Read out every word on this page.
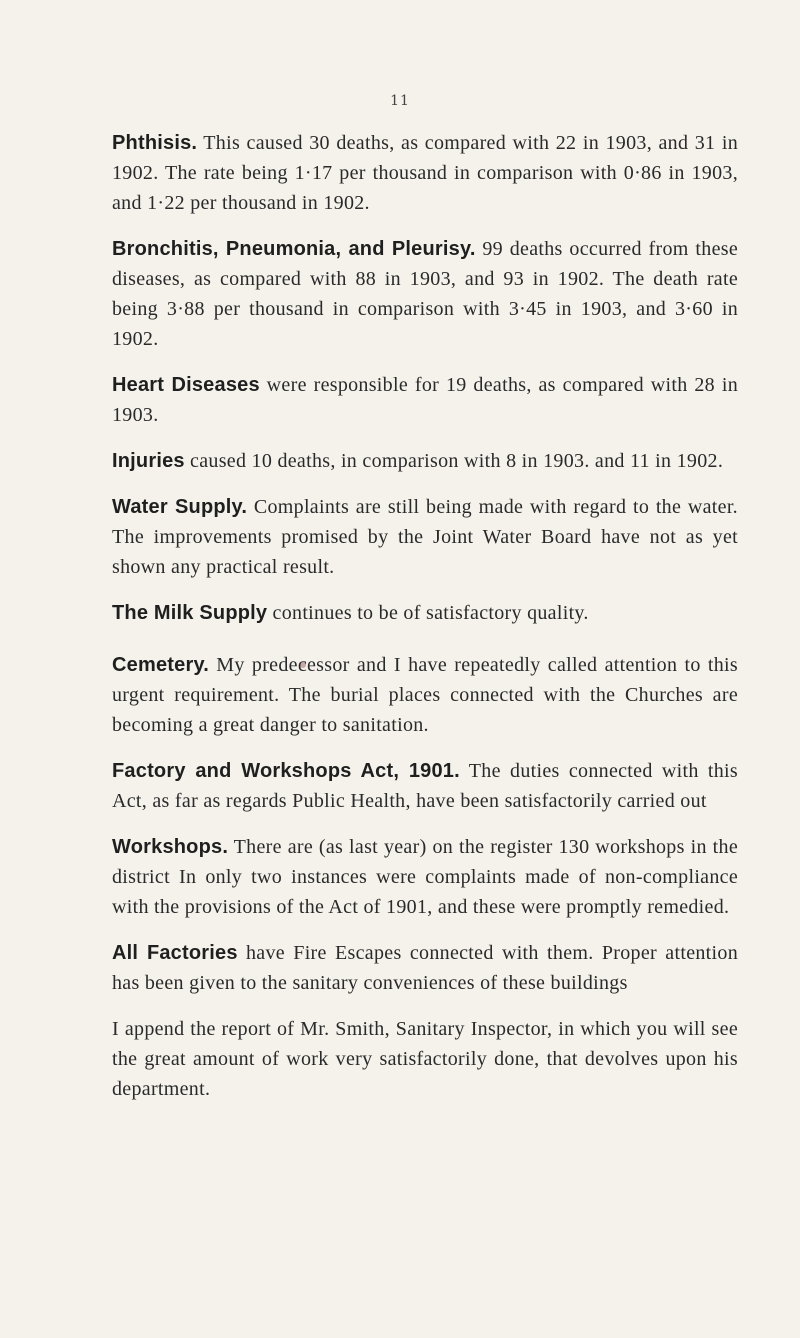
11

Phthisis. This caused 30 deaths, as compared with 22 in 1903, and 31 in 1902. The rate being 1·17 per thousand in comparison with 0·86 in 1903, and 1·22 per thousand in 1902.

Bronchitis, Pneumonia, and Pleurisy. 99 deaths occurred from these diseases, as compared with 88 in 1903, and 93 in 1902. The death rate being 3·88 per thousand in comparison with 3·45 in 1903, and 3·60 in 1902.

Heart Diseases were responsible for 19 deaths, as compared with 28 in 1903.

Injuries caused 10 deaths, in comparison with 8 in 1903. and 11 in 1902.

Water Supply. Complaints are still being made with regard to the water. The improvements promised by the Joint Water Board have not as yet shown any practical result.

The Milk Supply continues to be of satisfactory quality.

Cemetery. My predecessor and I have repeatedly called attention to this urgent requirement. The burial places connected with the Churches are becoming a great danger to sanitation.

Factory and Workshops Act, 1901. The duties connected with this Act, as far as regards Public Health, have been satisfactorily carried out

Workshops. There are (as last year) on the register 130 workshops in the district In only two instances were complaints made of non-compliance with the provisions of the Act of 1901, and these were promptly remedied.

All Factories have Fire Escapes connected with them. Proper attention has been given to the sanitary conveniences of these buildings

I append the report of Mr. Smith, Sanitary Inspector, in which you will see the great amount of work very satisfactorily done, that devolves upon his department.
